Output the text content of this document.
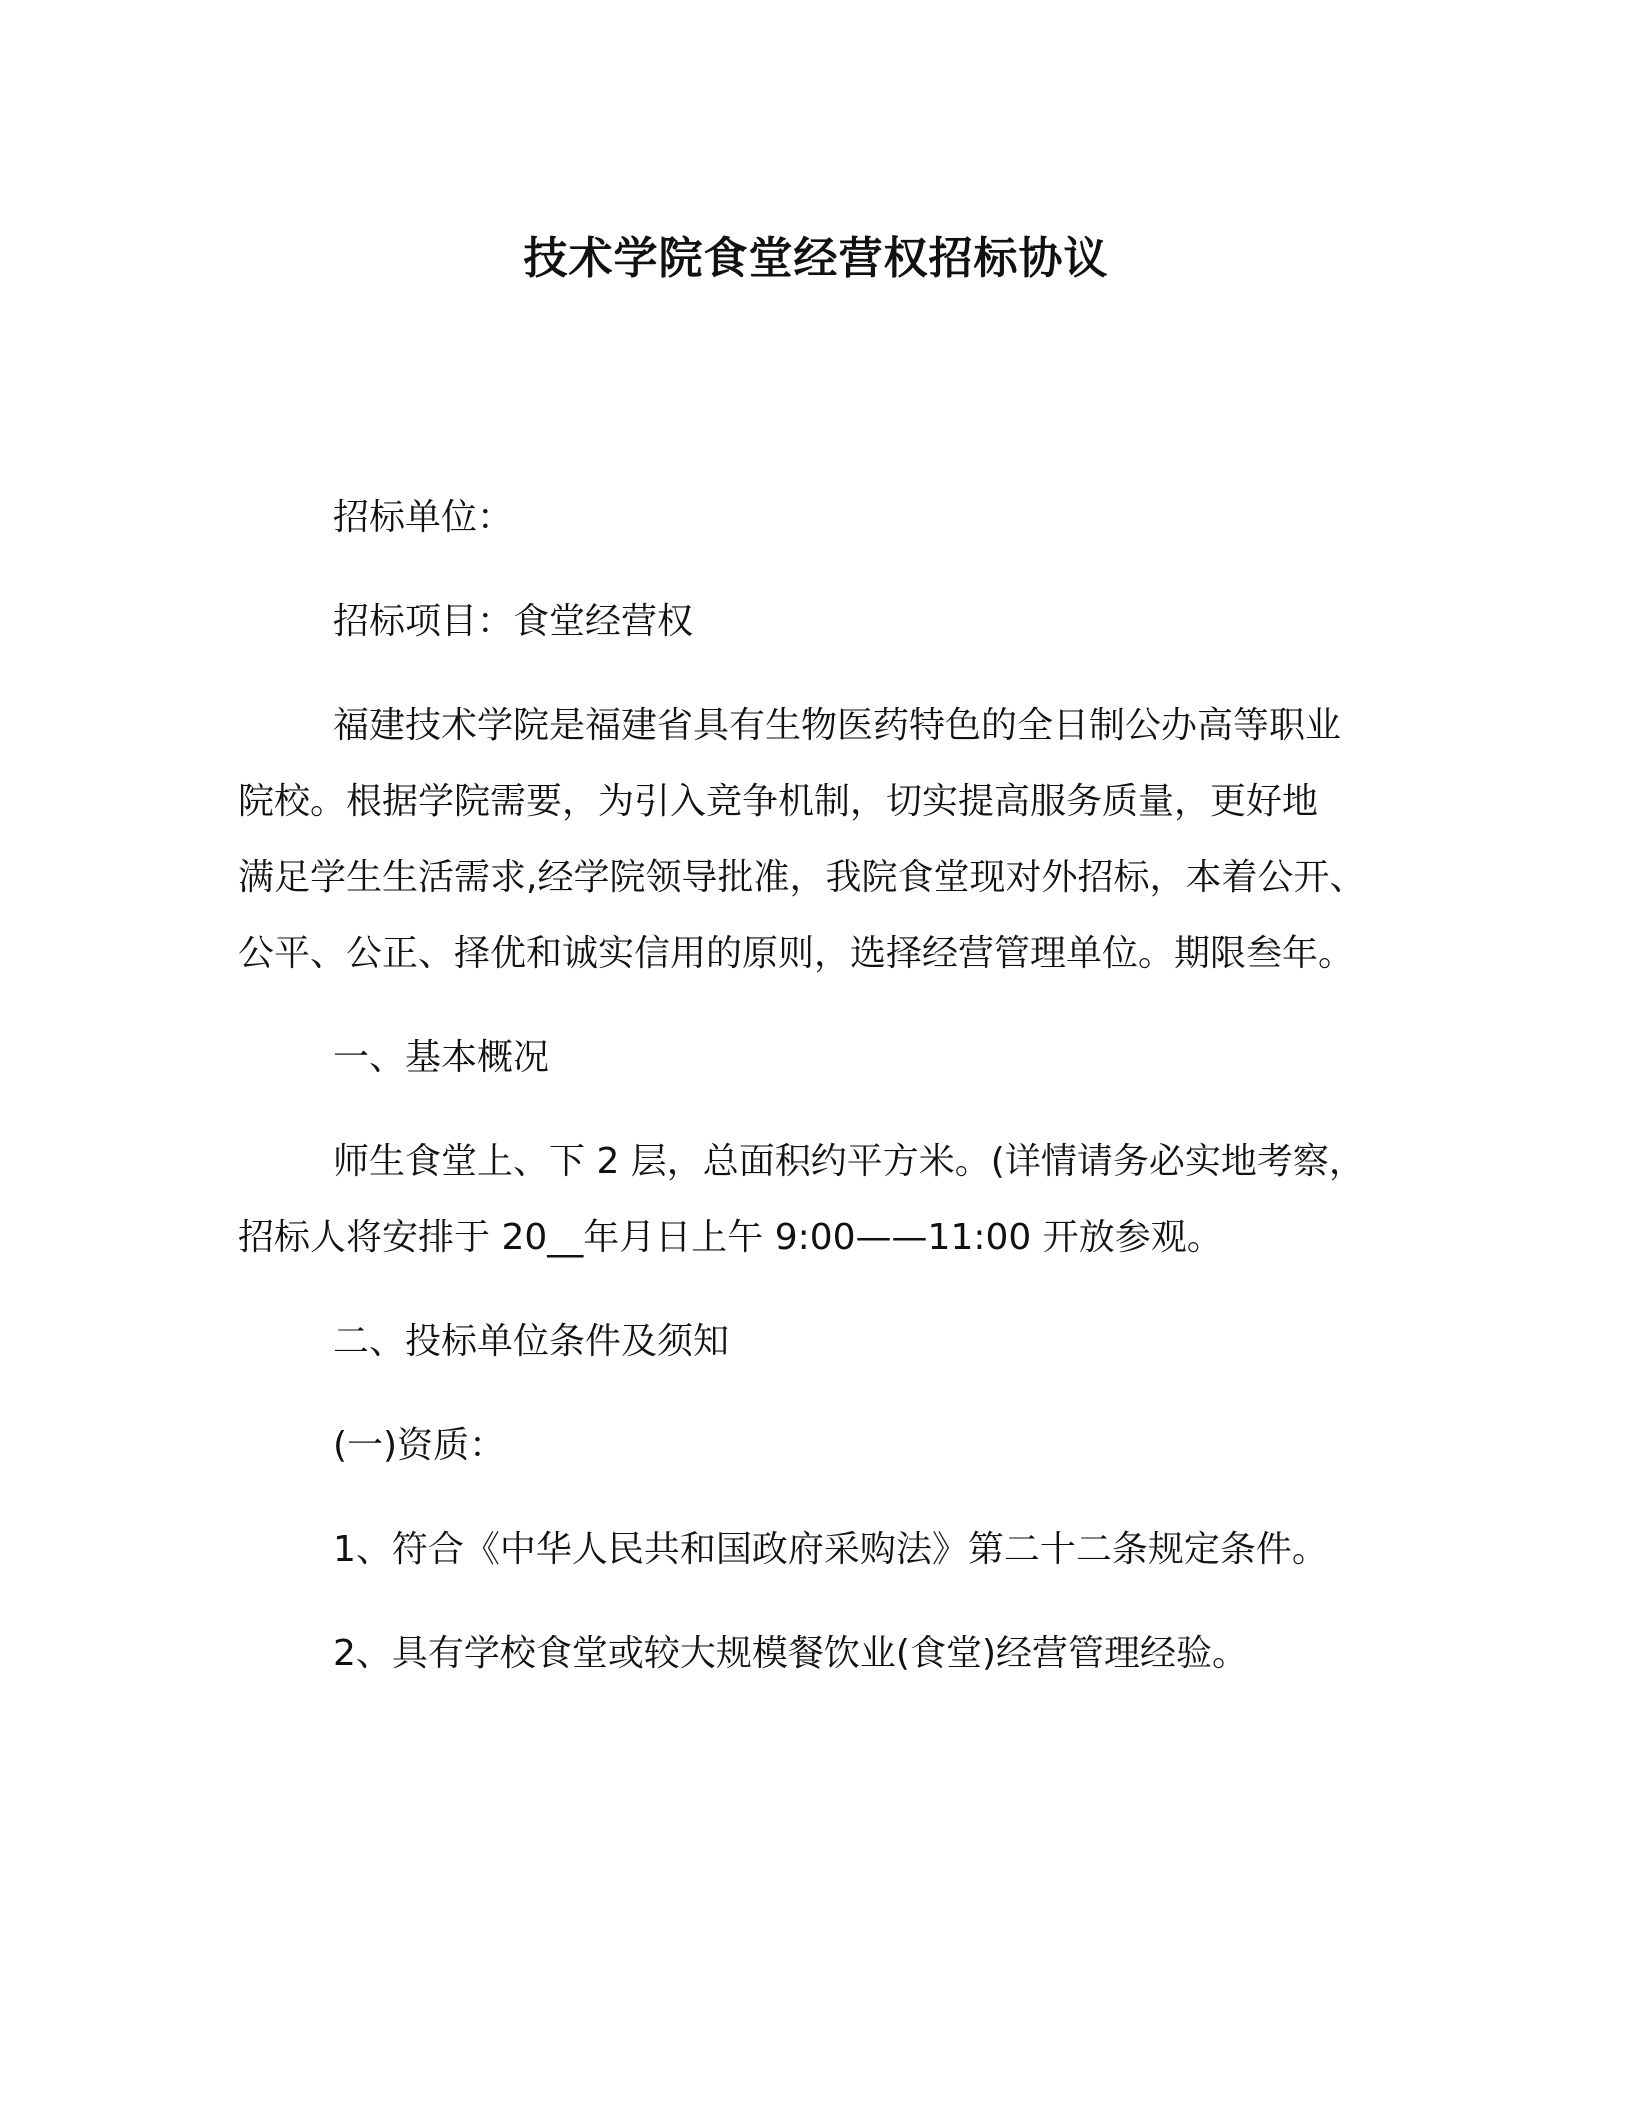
技术学院食堂经营权招标协议
招标单位：
招标项目：食堂经营权
福建技术学院是福建省具有生物医药特色的全日制公办高等职业
院校。根据学院需要，为引入竞争机制，切实提高服务质量，更好地
满足学生生活需求,经学院领导批准，我院食堂现对外招标，本着公开、
公平、公正、择优和诚实信用的原则，选择经营管理单位。期限叁年。
一、基本概况
师生食堂上、下 2 层，总面积约平方米。(详情请务必实地考察，
招标人将安排于 20__年月日上午 9:00——11:00 开放参观。
二、投标单位条件及须知
(一)资质：
1、符合《中华人民共和国政府采购法》第二十二条规定条件。
2、具有学校食堂或较大规模餐饮业(食堂)经营管理经验。
